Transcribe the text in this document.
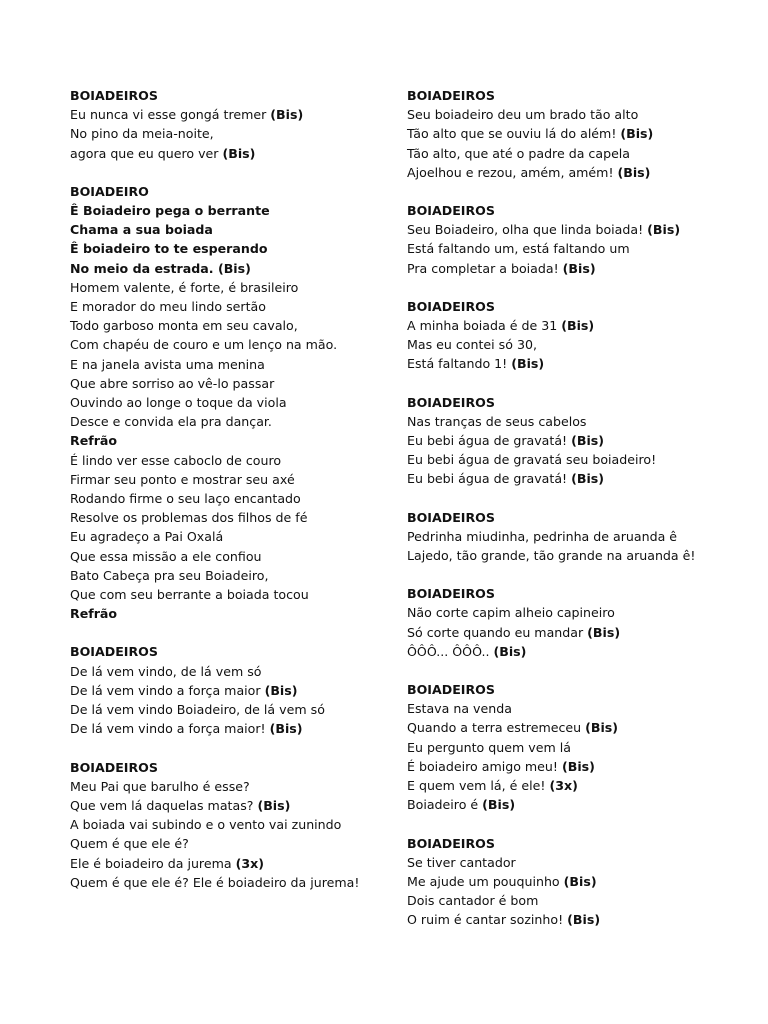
BOIADEIROS
Eu nunca vi esse gongá tremer (Bis)
No pino da meia-noite,
agora que eu quero ver (Bis)
BOIADEIRO
Ê Boiadeiro pega o berrante
Chama a sua boiada
Ê boiadeiro to te esperando
No meio da estrada. (Bis)
Homem valente, é forte, é brasileiro
E morador do meu lindo sertão
Todo garboso monta em seu cavalo,
Com chapéu de couro e um lenço na mão.
E na janela avista uma menina
Que abre sorriso ao vê-lo passar
Ouvindo ao longe o toque da viola
Desce e convida ela pra dançar.
Refrão
É lindo ver esse caboclo de couro
Firmar seu ponto e mostrar seu axé
Rodando firme o seu laço encantado
Resolve os problemas dos filhos de fé
Eu agradeço a Pai Oxalá
Que essa missão a ele confiou
Bato Cabeça pra seu Boiadeiro,
Que com seu berrante a boiada tocou
Refrão
BOIADEIROS
De lá vem vindo, de lá vem só
De lá vem vindo a força maior (Bis)
De lá vem vindo Boiadeiro, de lá vem só
De lá vem vindo a força maior! (Bis)
BOIADEIROS
Meu Pai que barulho é esse?
Que vem lá daquelas matas? (Bis)
A boiada vai subindo e o vento vai zunindo
Quem é que ele é?
Ele é boiadeiro da jurema (3x)
Quem é que ele é? Ele é boiadeiro da jurema!
BOIADEIROS
Seu boiadeiro deu um brado tão alto
Tão alto que se ouviu lá do além! (Bis)
Tão alto, que até o padre da capela
Ajoelhou e rezou, amém, amém! (Bis)
BOIADEIROS
Seu Boiadeiro, olha que linda boiada! (Bis)
Está faltando um, está faltando um
Pra completar a boiada! (Bis)
BOIADEIROS
A minha boiada é de 31 (Bis)
Mas eu contei só 30,
Está faltando 1! (Bis)
BOIADEIROS
Nas tranças de seus cabelos
Eu bebi água de gravatá! (Bis)
Eu bebi água de gravatá seu boiadeiro!
Eu bebi água de gravatá! (Bis)
BOIADEIROS
Pedrinha miudinha, pedrinha de aruanda ê
Lajedo, tão grande, tão grande na aruanda ê!
BOIADEIROS
Não corte capim alheio capineiro
Só corte quando eu mandar (Bis)
ÔÔÔ... ÔÔÔ.. (Bis)
BOIADEIROS
Estava na venda
Quando a terra estremeceu (Bis)
Eu pergunto quem vem lá
É boiadeiro amigo meu! (Bis)
E quem vem lá, é ele! (3x)
Boiadeiro é (Bis)
BOIADEIROS
Se tiver cantador
Me ajude um pouquinho (Bis)
Dois cantador é bom
O ruim é cantar sozinho! (Bis)
